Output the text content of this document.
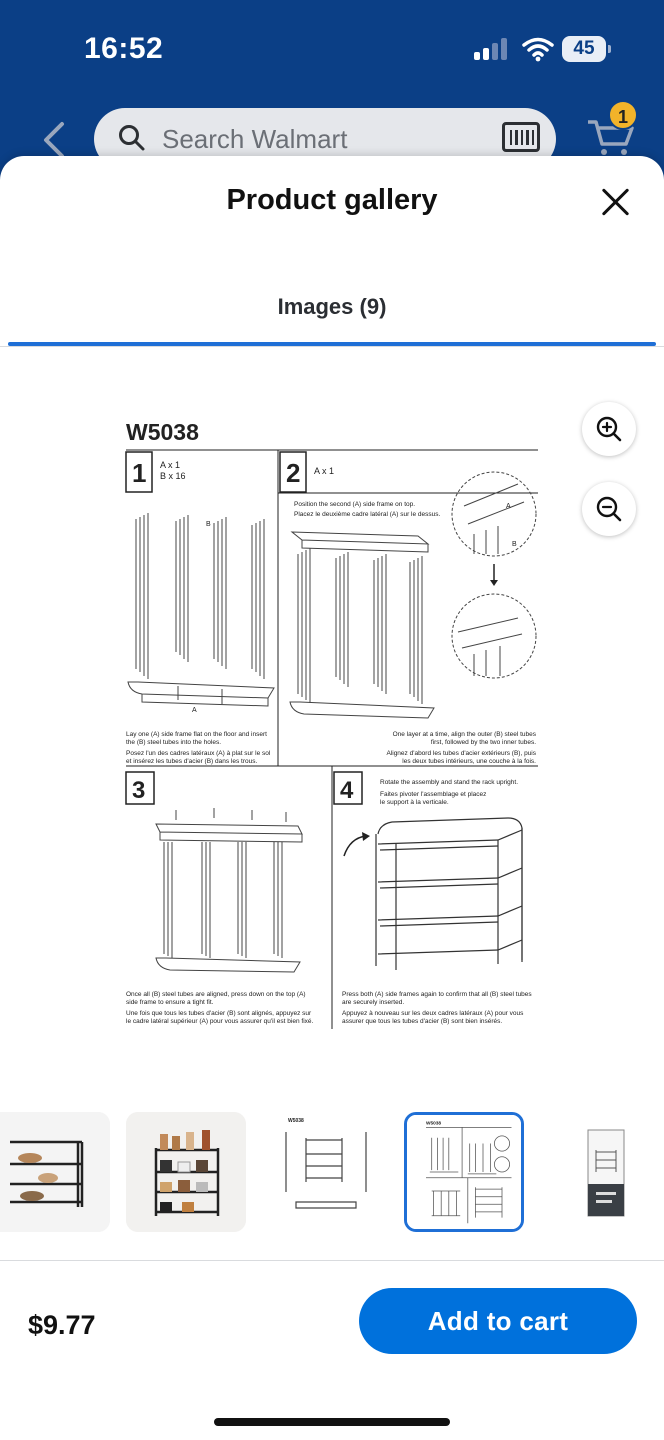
16:52	45
Search Walmart
1
Product gallery
Images (9)
W5038
1 A x 1
B x 16
B
A
Lay one (A) side frame flat on the floor and insert
the (B) steel tubes into the holes.
Posez l'un des cadres latéraux (A) à plat sur le sol
et insérez les tubes d'acier (B) dans les trous.
2 A x 1
Position the second (A) side frame on top.
Placez le deuxième cadre latéral (A) sur le dessus.
A
B
One layer at a time, align the outer (B) steel tubes
first, followed by the two inner tubes.
Alignez d'abord les tubes d'acier extérieurs (B), puis
les deux tubes intérieurs, une couche à la fois.
3
Once all (B) steel tubes are aligned, press down on the top (A)
side frame to ensure a tight fit.
Une fois que tous les tubes d'acier (B) sont alignés, appuyez sur
le cadre latéral supérieur (A) pour vous assurer qu'il est bien fixé.
4	Rotate the assembly and stand the rack upright.
Faites pivoter l'assemblage et placez
le support à la verticale.
Press both (A) side frames again to confirm that all (B) steel tubes
are securely inserted.
Appuyez à nouveau sur les deux cadres latéraux (A) pour vous
assurer que tous les tubes d'acier (B) sont bien insérés.
W5038	W5038
$9.77	Add to cart
